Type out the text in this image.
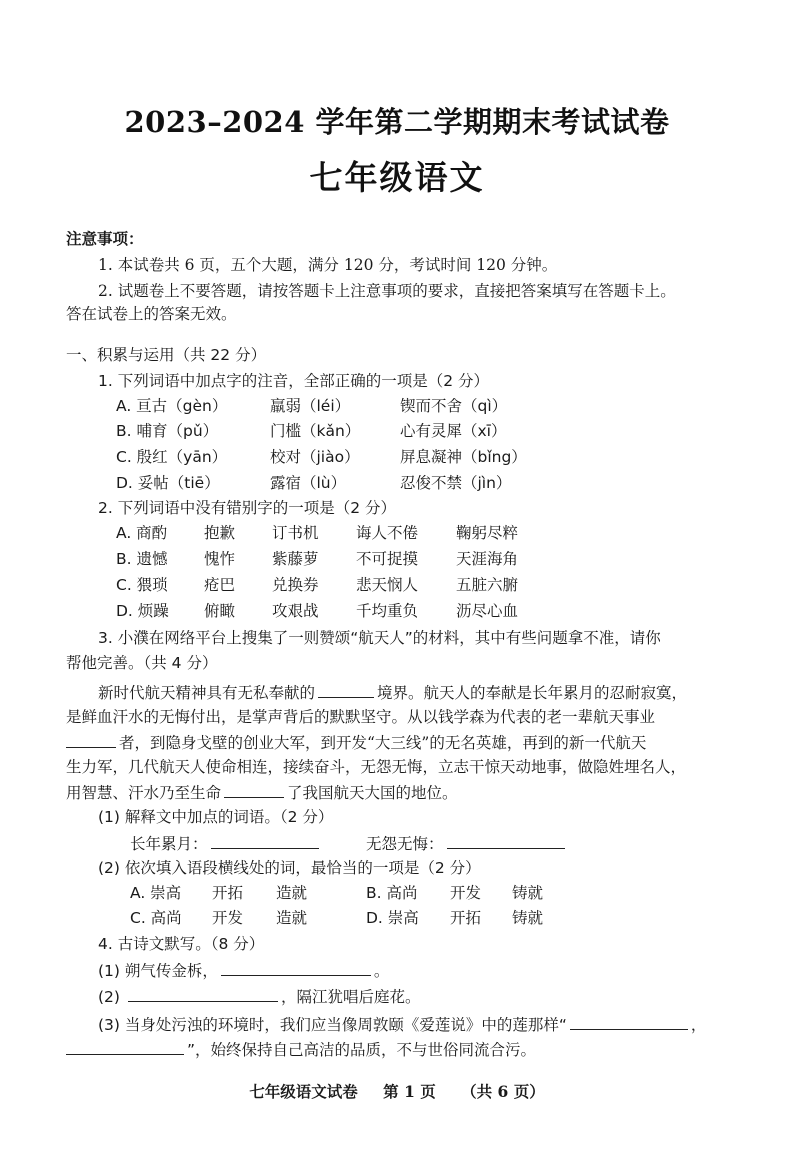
2023–2024 学年第二学期期末考试试卷
七年级语文
注意事项：
1. 本试卷共 6 页，五个大题，满分 120 分，考试时间 120 分钟。
2. 试题卷上不要答题，请按答题卡上注意事项的要求，直接把答案填写在答题卡上。
答在试卷上的答案无效。
一、积累与运用（共 22 分）
1. 下列词语中加点字的注音，全部正确的一项是（2 分）
A. 亘古（gèn）	羸弱（léi）	锲而不舍（qì）
B. 哺育（pǔ）	门槛（kǎn）	心有灵犀（xī）
C. 殷红（yān）	校对（jiào）	屏息凝神（bǐng）
D. 妥帖（tiē）	露宿（lù）	忍俊不禁（jìn）
2. 下列词语中没有错别字的一项是（2 分）
A. 商酌 抱歉 订书机 诲人不倦 鞠躬尽粹
B. 遗憾 愧怍 紫藤萝 不可捉摸 天涯海角
C. 猥琐 疮巴 兑换券 悲天悯人 五脏六腑
D. 烦躁 俯瞰 攻艰战 千均重负 沥尽心血
3. 小濮在网络平台上搜集了一则赞颂“航天人”的材料，其中有些问题拿不准，请你
帮他完善。（共 4 分）
新时代航天精神具有无私奉献的	境界。航天人的奉献是长年累月的忍耐寂寞，
是鲜血汗水的无悔付出，是掌声背后的默默坚守。从以钱学森为代表的老一辈航天事业
者，到隐身戈壁的创业大军，到开发“大三线”的无名英雄，再到的新一代航天
生力军，几代航天人使命相连，接续奋斗，无怨无悔，立志干惊天动地事，做隐姓埋名人，
用智慧、汗水乃至生命	了我国航天大国的地位。
(1) 解释文中加点的词语。（2 分）
长年累月：	无怨无悔：
(2) 依次填入语段横线处的词，最恰当的一项是（2 分）
A. 崇高 开拓 造就	B. 高尚 开发 铸就
C. 高尚 开发 造就	D. 崇高 开拓 铸就
4. 古诗文默写。（8 分）
(1) 朔气传金柝，	。
(2)	，隔江犹唱后庭花。
(3) 当身处污浊的环境时，我们应当像周敦颐《爱莲说》中的莲那样“	，
”，始终保持自己高洁的品质，不与世俗同流合污。
七年级语文试卷 第 1 页 （共 6 页）
